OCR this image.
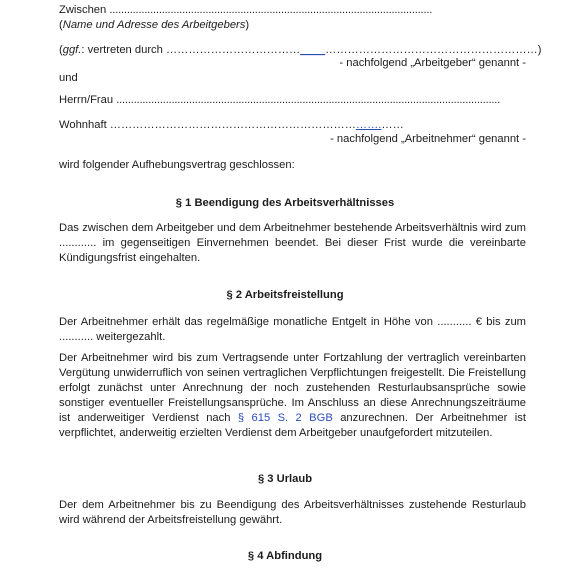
Zwischen ...............................................................................................................
(Name und Adresse des Arbeitgebers)
(ggf.: vertreten durch ………………………………____…………………………………………………)
- nachfolgend „Arbeitgeber“ genannt -
und
Herrn/Frau ....................................................................................................................................
Wohnhaft ……………………………………………………………….……
- nachfolgend „Arbeitnehmer“ genannt -
wird folgender Aufhebungsvertrag geschlossen:
§ 1 Beendigung des Arbeitsverhältnisses
Das zwischen dem Arbeitgeber und dem Arbeitnehmer bestehende Arbeitsverhältnis wird zum ............ im gegenseitigen Einvernehmen beendet. Bei dieser Frist wurde die vereinbarte Kündigungsfrist eingehalten.
§ 2 Arbeitsfreistellung
Der Arbeitnehmer erhält das regelmäßige monatliche Entgelt in Höhe von ........... € bis zum ........... weitergezahlt.
Der Arbeitnehmer wird bis zum Vertragsende unter Fortzahlung der vertraglich vereinbarten Vergütung unwiderruflich von seinen vertraglichen Verpflichtungen freigestellt. Die Freistellung erfolgt zunächst unter Anrechnung der noch zustehenden Resturlaubsansprüche sowie sonstiger eventueller Freistellungsansprüche. Im Anschluss an diese Anrechnungszeiträume ist anderweitiger Verdienst nach § 615 S. 2 BGB anzurechnen. Der Arbeitnehmer ist verpflichtet, anderweitig erzielten Verdienst dem Arbeitgeber unaufgefordert mitzuteilen.
§ 3 Urlaub
Der dem Arbeitnehmer bis zu Beendigung des Arbeitsverhältnisses zustehende Resturlaub wird während der Arbeitsfreistellung gewährt.
§ 4 Abfindung
